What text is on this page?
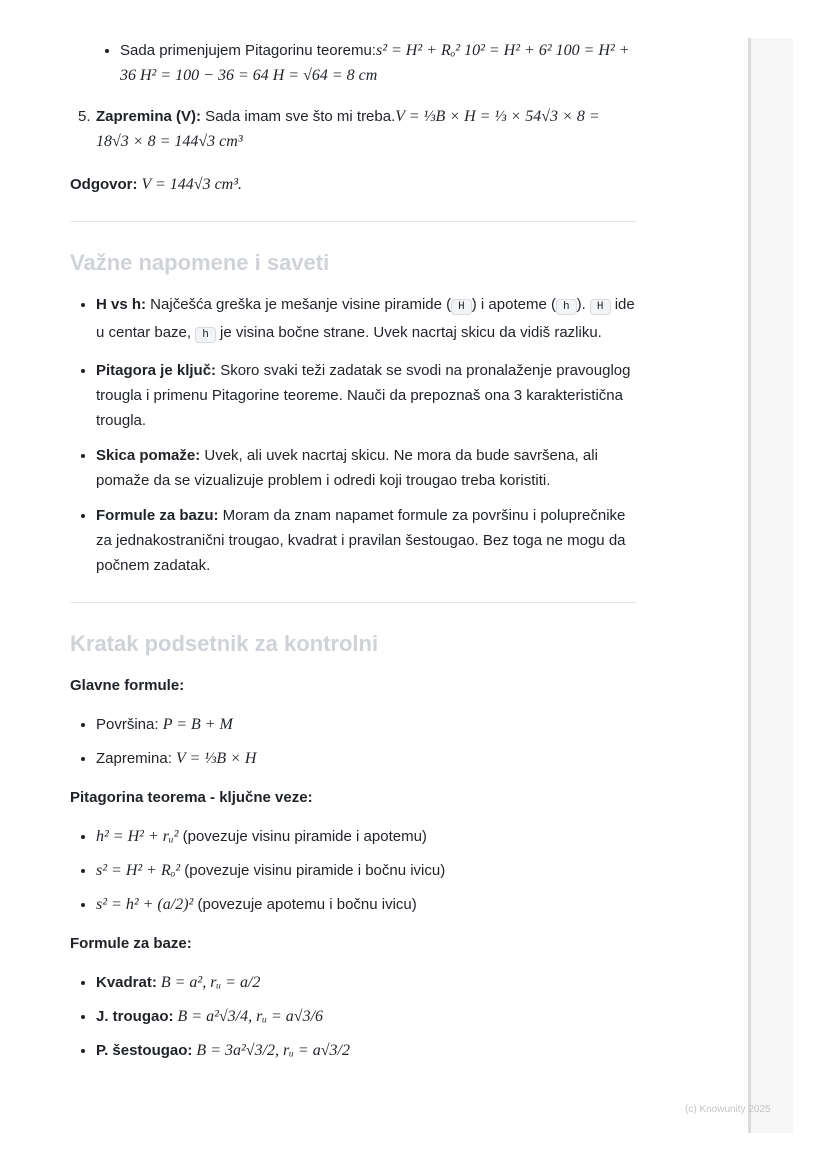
• Sada primenjujem Pitagorinu teoremu:s² = H² + Rₒ² 10² = H² + 6² 100 = H² + 36 H² = 100 − 36 = 64 H = √64 = 8 cm
5. Zapremina (V): Sada imam sve što mi treba.V = ⅓B × H = ⅓ × 54√3 × 8 = 18√3 × 8 = 144√3 cm³

Odgovor: V = 144√3 cm³.

Važne napomene i saveti
• H vs h: Najčešća greška je mešanje visine piramide ( H ) i apoteme ( h ). H ide u centar baze, h je visina bočne strane. Uvek nacrtaj skicu da vidiš razliku.
• Pitagora je ključ: Skoro svaki teži zadatak se svodi na pronalaženje pravouglog trougla i primenu Pitagorine teoreme. Nauči da prepoznaš ona 3 karakteristična trougla.
• Skica pomaže: Uvek, ali uvek nacrtaj skicu. Ne mora da bude savršena, ali pomaže da se vizualizuje problem i odredi koji trougao treba koristiti.
• Formule za bazu: Moram da znam napamet formule za površinu i poluprečnike za jednakostranični trougao, kvadrat i pravilan šestougao. Bez toga ne mogu da počnem zadatak.
Kratak podsetnik za kontrolni

Glavne formule:

• Površina: P = B + M
• Zapremina: V = ⅓B × H

Pitagorina teorema - ključne veze:

• h² = H² + rᵤ² (povezuje visinu piramide i apotemu)
• s² = H² + Rₒ² (povezuje visinu piramide i bočnu ivicu)
• s² = h² + (a/2)² (povezuje apotemu i bočnu ivicu)

Formule za baze:

• Kvadrat: B = a², rᵤ = a/2
• J. trougao: B = a²√3/4, rᵤ = a√3/6
• P. šestougao: B = 3a²√3/2, rᵤ = a√3/2
(c) Knowunity 2025
